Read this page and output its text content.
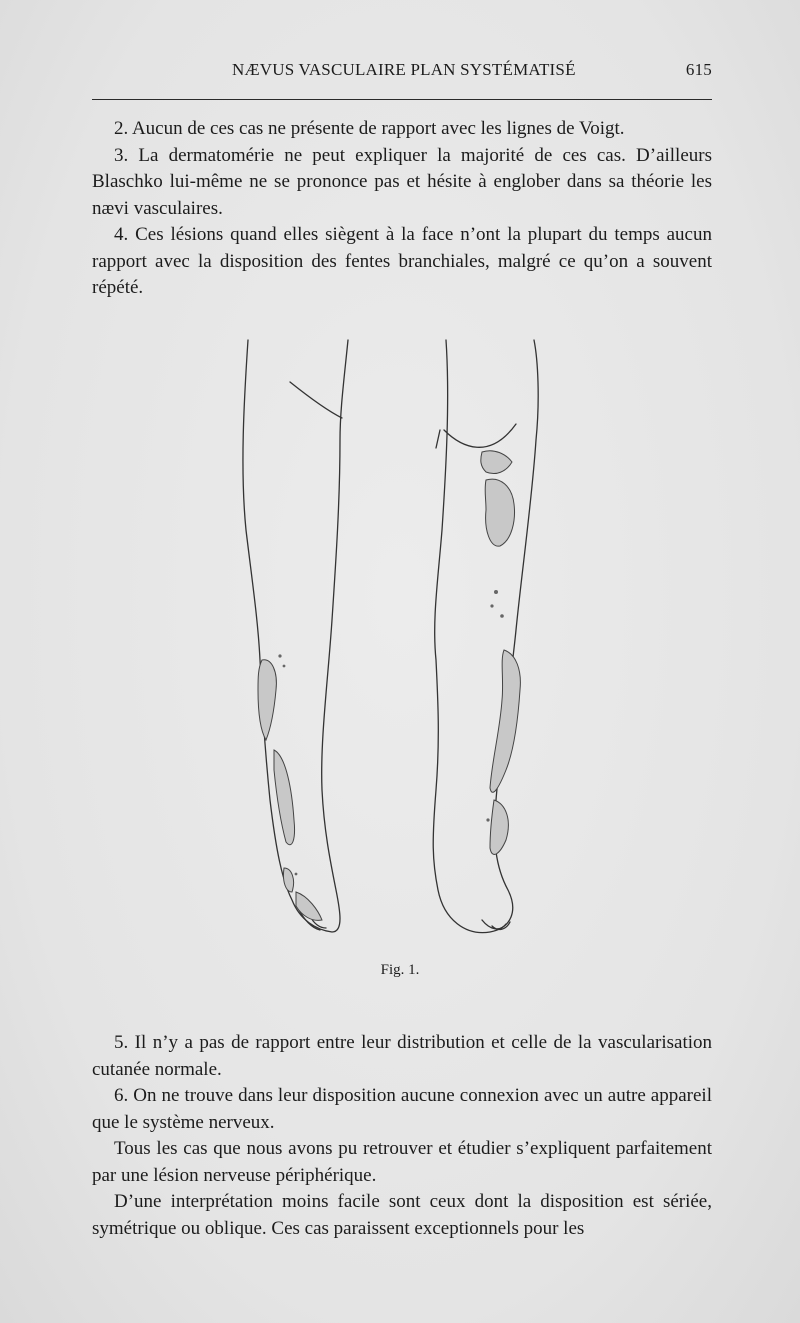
NÆVUS VASCULAIRE PLAN SYSTÉMATISÉ	615

2. Aucun de ces cas ne présente de rapport avec les lignes de Voigt.

3. La dermatomérie ne peut expliquer la majorité de ces cas. D’ailleurs Blaschko lui-même ne se prononce pas et hésite à englober dans sa théorie les nævi vasculaires.

4. Ces lésions quand elles siègent à la face n’ont la plupart du temps aucun rapport avec la disposition des fentes branchiales, malgré ce qu’on a souvent répété.

Fig. 1.

5. Il n’y a pas de rapport entre leur distribution et celle de la vascularisation cutanée normale.

6. On ne trouve dans leur disposition aucune connexion avec un autre appareil que le système nerveux.

Tous les cas que nous avons pu retrouver et étudier s’expliquent parfaitement par une lésion nerveuse périphérique.

D’une interprétation moins facile sont ceux dont la disposition est sériée, symétrique ou oblique. Ces cas paraissent exceptionnels pour les
